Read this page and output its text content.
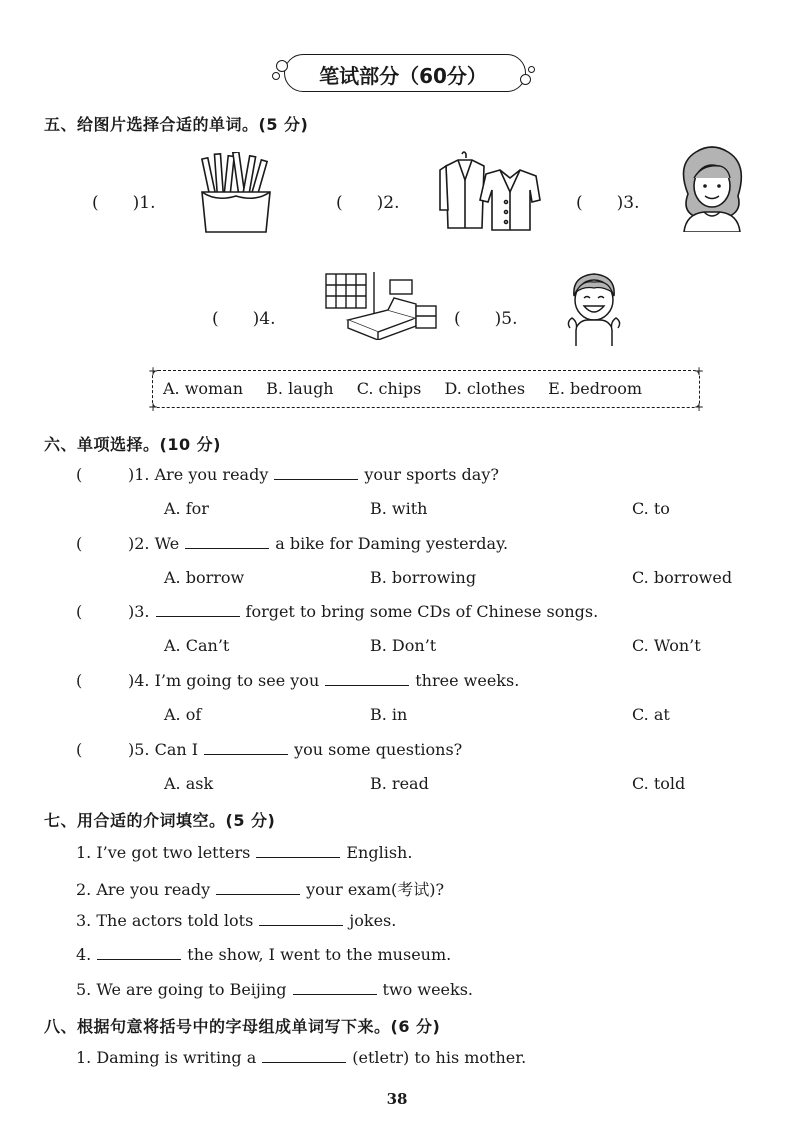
笔试部分（60分）
五、给图片选择合适的单词。(5 分)
(　　)1.	(　　)2.	(　　)3.
(　　)4.	(　　)5.
+	+
+	+
A. woman B. laugh C. chips D. clothes E. bedroom
六、单项选择。(10 分)
(	)1. Are you ready	your sports day?
A. for	B. with	C. to
(	)2. We	a bike for Daming yesterday.
A. borrow	B. borrowing	C. borrowed
(	)3.	forget to bring some CDs of Chinese songs.
A. Can’t	B. Don’t	C. Won’t
(	)4. I’m going to see you	three weeks.
A. of	B. in	C. at
(	)5. Can I	you some questions?
A. ask	B. read	C. told
七、用合适的介词填空。(5 分)
1. I’ve got two letters	English.
2. Are you ready	your exam(考试)?
3. The actors told lots	jokes.
4.	the show, I went to the museum.
5. We are going to Beijing	two weeks.
八、根据句意将括号中的字母组成单词写下来。(6 分)
1. Daming is writing a	(etletr) to his mother.
38
